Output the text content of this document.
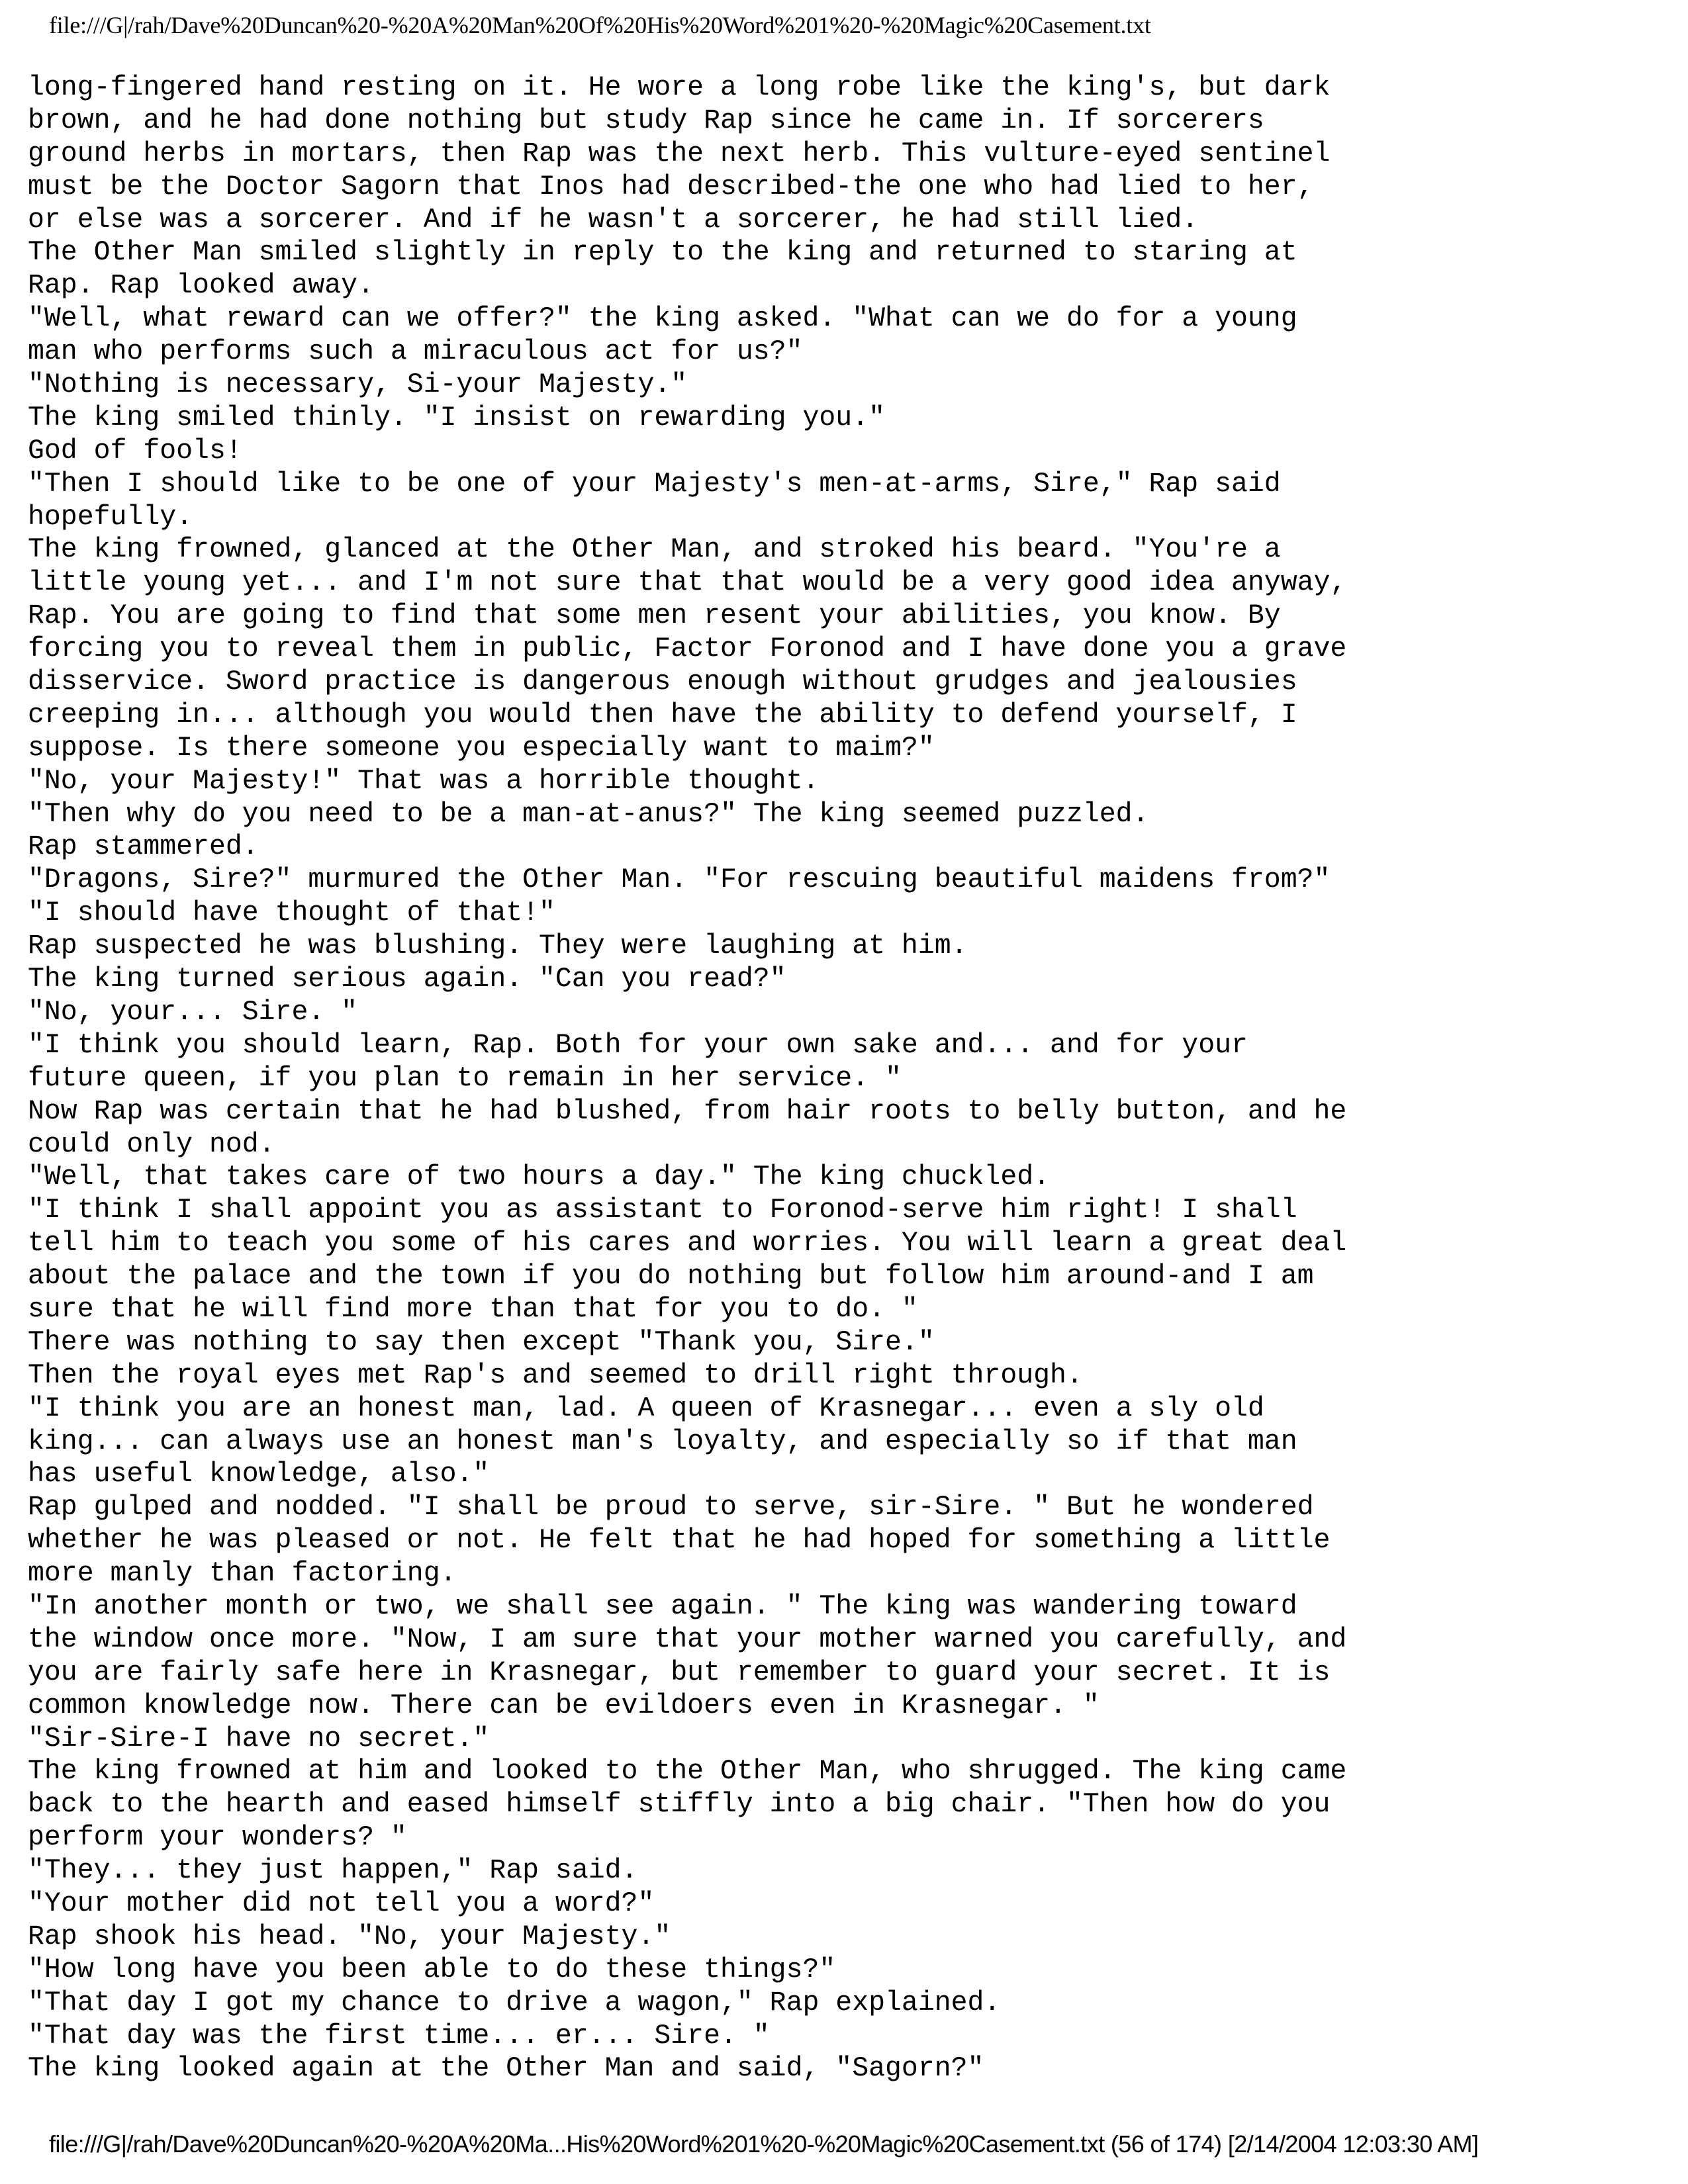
file:///G|/rah/Dave%20Duncan%20-%20A%20Man%20Of%20His%20Word%201%20-%20Magic%20Casement.txt
long-fingered hand resting on it. He wore a long robe like the king's, but dark
brown, and he had done nothing but study Rap since he came in. If sorcerers
ground herbs in mortars, then Rap was the next herb. This vulture-eyed sentinel
must be the Doctor Sagorn that Inos had described-the one who had lied to her,
or else was a sorcerer. And if he wasn't a sorcerer, he had still lied.
The Other Man smiled slightly in reply to the king and returned to staring at
Rap. Rap looked away.
"Well, what reward can we offer?" the king asked. "What can we do for a young
man who performs such a miraculous act for us?"
"Nothing is necessary, Si-your Majesty."
The king smiled thinly. "I insist on rewarding you."
God of fools!
"Then I should like to be one of your Majesty's men-at-arms, Sire," Rap said
hopefully.
The king frowned, glanced at the Other Man, and stroked his beard. "You're a
little young yet... and I'm not sure that that would be a very good idea anyway,
Rap. You are going to find that some men resent your abilities, you know. By
forcing you to reveal them in public, Factor Foronod and I have done you a grave
disservice. Sword practice is dangerous enough without grudges and jealousies
creeping in... although you would then have the ability to defend yourself, I
suppose. Is there someone you especially want to maim?"
"No, your Majesty!" That was a horrible thought.
"Then why do you need to be a man-at-anus?" The king seemed puzzled.
Rap stammered.
"Dragons, Sire?" murmured the Other Man. "For rescuing beautiful maidens from?"
"I should have thought of that!"
Rap suspected he was blushing. They were laughing at him.
The king turned serious again. "Can you read?"
"No, your... Sire. "
"I think you should learn, Rap. Both for your own sake and... and for your
future queen, if you plan to remain in her service. "
Now Rap was certain that he had blushed, from hair roots to belly button, and he
could only nod.
"Well, that takes care of two hours a day." The king chuckled.
"I think I shall appoint you as assistant to Foronod-serve him right! I shall
tell him to teach you some of his cares and worries. You will learn a great deal
about the palace and the town if you do nothing but follow him around-and I am
sure that he will find more than that for you to do. "
There was nothing to say then except "Thank you, Sire."
Then the royal eyes met Rap's and seemed to drill right through.
"I think you are an honest man, lad. A queen of Krasnegar... even a sly old
king... can always use an honest man's loyalty, and especially so if that man
has useful knowledge, also."
Rap gulped and nodded. "I shall be proud to serve, sir-Sire. " But he wondered
whether he was pleased or not. He felt that he had hoped for something a little
more manly than factoring.
"In another month or two, we shall see again. " The king was wandering toward
the window once more. "Now, I am sure that your mother warned you carefully, and
you are fairly safe here in Krasnegar, but remember to guard your secret. It is
common knowledge now. There can be evildoers even in Krasnegar. "
"Sir-Sire-I have no secret."
The king frowned at him and looked to the Other Man, who shrugged. The king came
back to the hearth and eased himself stiffly into a big chair. "Then how do you
perform your wonders? "
"They... they just happen," Rap said.
"Your mother did not tell you a word?"
Rap shook his head. "No, your Majesty."
"How long have you been able to do these things?"
"That day I got my chance to drive a wagon," Rap explained.
"That day was the first time... er... Sire. "
The king looked again at the Other Man and said, "Sagorn?"
file:///G|/rah/Dave%20Duncan%20-%20A%20Ma...His%20Word%201%20-%20Magic%20Casement.txt (56 of 174) [2/14/2004 12:03:30 AM]
